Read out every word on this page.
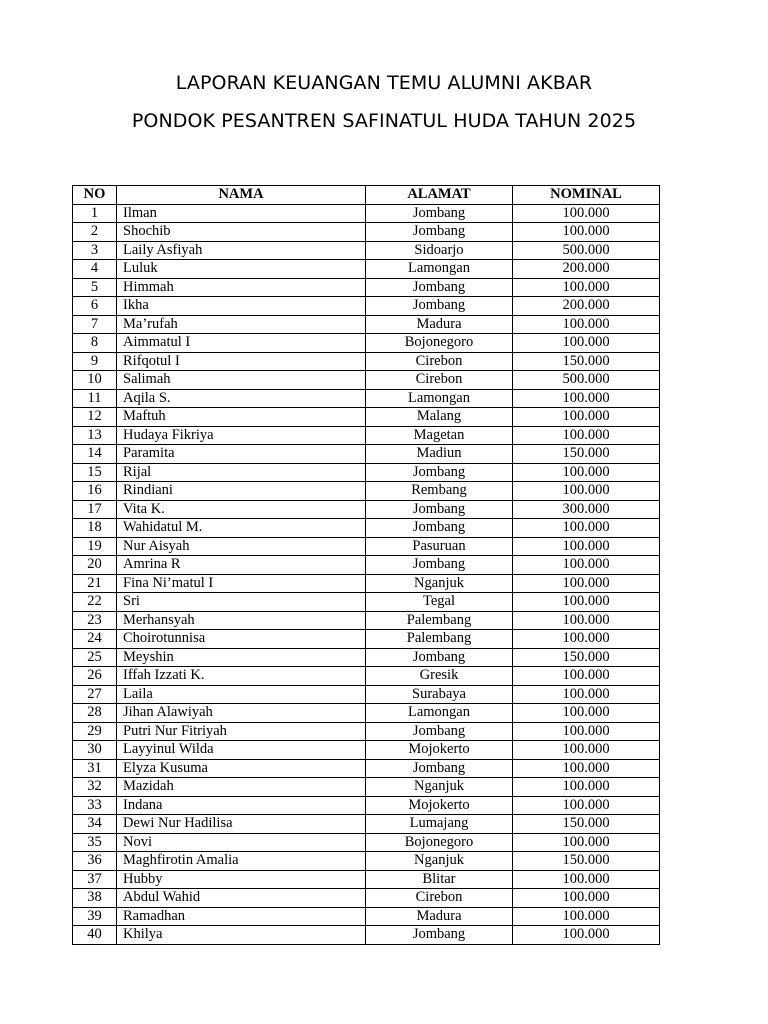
LAPORAN KEUANGAN TEMU ALUMNI AKBAR
PONDOK PESANTREN SAFINATUL HUDA TAHUN 2025
NO	NAMA	ALAMAT	NOMINAL
1	Ilman	Jombang	100.000
2	Shochib	Jombang	100.000
3	Laily Asfiyah	Sidoarjo	500.000
4	Luluk	Lamongan	200.000
5	Himmah	Jombang	100.000
6	Ikha	Jombang	200.000
7	Ma’rufah	Madura	100.000
8	Aimmatul I	Bojonegoro	100.000
9	Rifqotul I	Cirebon	150.000
10	Salimah	Cirebon	500.000
11	Aqila S.	Lamongan	100.000
12	Maftuh	Malang	100.000
13	Hudaya Fikriya	Magetan	100.000
14	Paramita	Madiun	150.000
15	Rijal	Jombang	100.000
16	Rindiani	Rembang	100.000
17	Vita K.	Jombang	300.000
18	Wahidatul M.	Jombang	100.000
19	Nur Aisyah	Pasuruan	100.000
20	Amrina R	Jombang	100.000
21	Fina Ni’matul I	Nganjuk	100.000
22	Sri	Tegal	100.000
23	Merhansyah	Palembang	100.000
24	Choirotunnisa	Palembang	100.000
25	Meyshin	Jombang	150.000
26	Iffah Izzati K.	Gresik	100.000
27	Laila	Surabaya	100.000
28	Jihan Alawiyah	Lamongan	100.000
29	Putri Nur Fitriyah	Jombang	100.000
30	Layyinul Wilda	Mojokerto	100.000
31	Elyza Kusuma	Jombang	100.000
32	Mazidah	Nganjuk	100.000
33	Indana	Mojokerto	100.000
34	Dewi Nur Hadilisa	Lumajang	150.000
35	Novi	Bojonegoro	100.000
36	Maghfirotin Amalia	Nganjuk	150.000
37	Hubby	Blitar	100.000
38	Abdul Wahid	Cirebon	100.000
39	Ramadhan	Madura	100.000
40	Khilya	Jombang	100.000
